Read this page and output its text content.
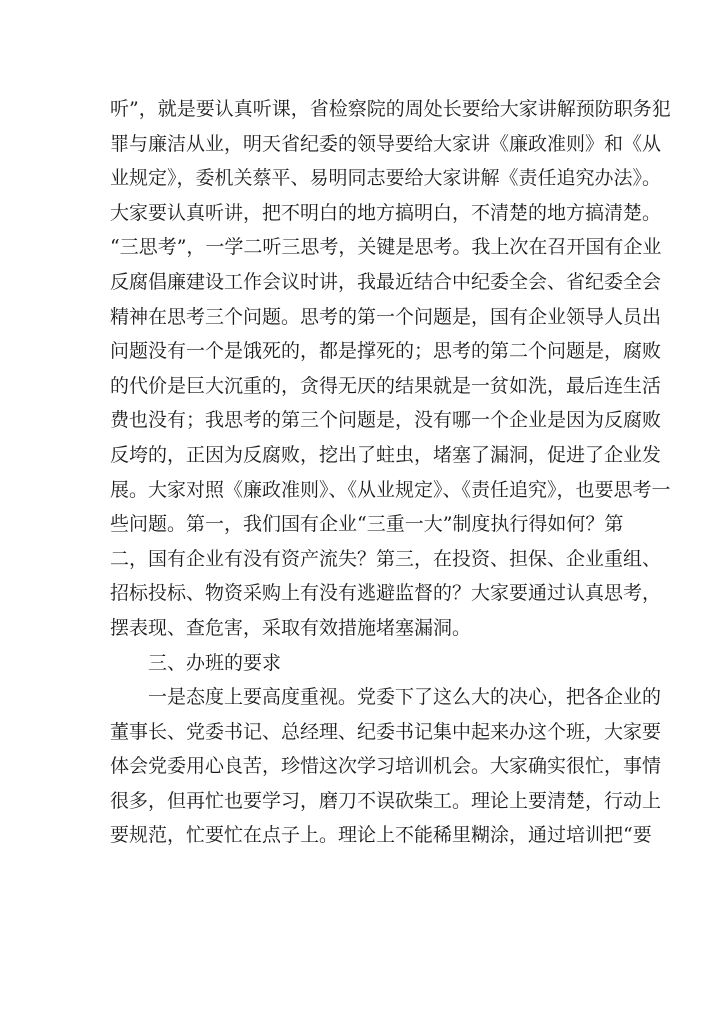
听”，就是要认真听课，省检察院的周处长要给大家讲解预防职务犯
罪与廉洁从业，明天省纪委的领导要给大家讲《廉政准则》和《从
业规定》，委机关蔡平、易明同志要给大家讲解《责任追究办法》。
大家要认真听讲，把不明白的地方搞明白，不清楚的地方搞清楚。
“三思考”，一学二听三思考，关键是思考。我上次在召开国有企业
反腐倡廉建设工作会议时讲，我最近结合中纪委全会、省纪委全会
精神在思考三个问题。思考的第一个问题是，国有企业领导人员出
问题没有一个是饿死的，都是撑死的；思考的第二个问题是，腐败
的代价是巨大沉重的，贪得无厌的结果就是一贫如洗，最后连生活
费也没有；我思考的第三个问题是，没有哪一个企业是因为反腐败
反垮的，正因为反腐败，挖出了蛀虫，堵塞了漏洞，促进了企业发
展。大家对照《廉政准则》、《从业规定》、《责任追究》，也要思考一
些问题。第一，我们国有企业“三重一大”制度执行得如何？第
二，国有企业有没有资产流失？第三，在投资、担保、企业重组、
招标投标、物资采购上有没有逃避监督的？大家要通过认真思考，
摆表现、查危害，采取有效措施堵塞漏洞。
　　三、办班的要求
　　一是态度上要高度重视。党委下了这么大的决心，把各企业的
董事长、党委书记、总经理、纪委书记集中起来办这个班，大家要
体会党委用心良苦，珍惜这次学习培训机会。大家确实很忙，事情
很多，但再忙也要学习，磨刀不误砍柴工。理论上要清楚，行动上
要规范，忙要忙在点子上。理论上不能稀里糊涂，通过培训把“要
